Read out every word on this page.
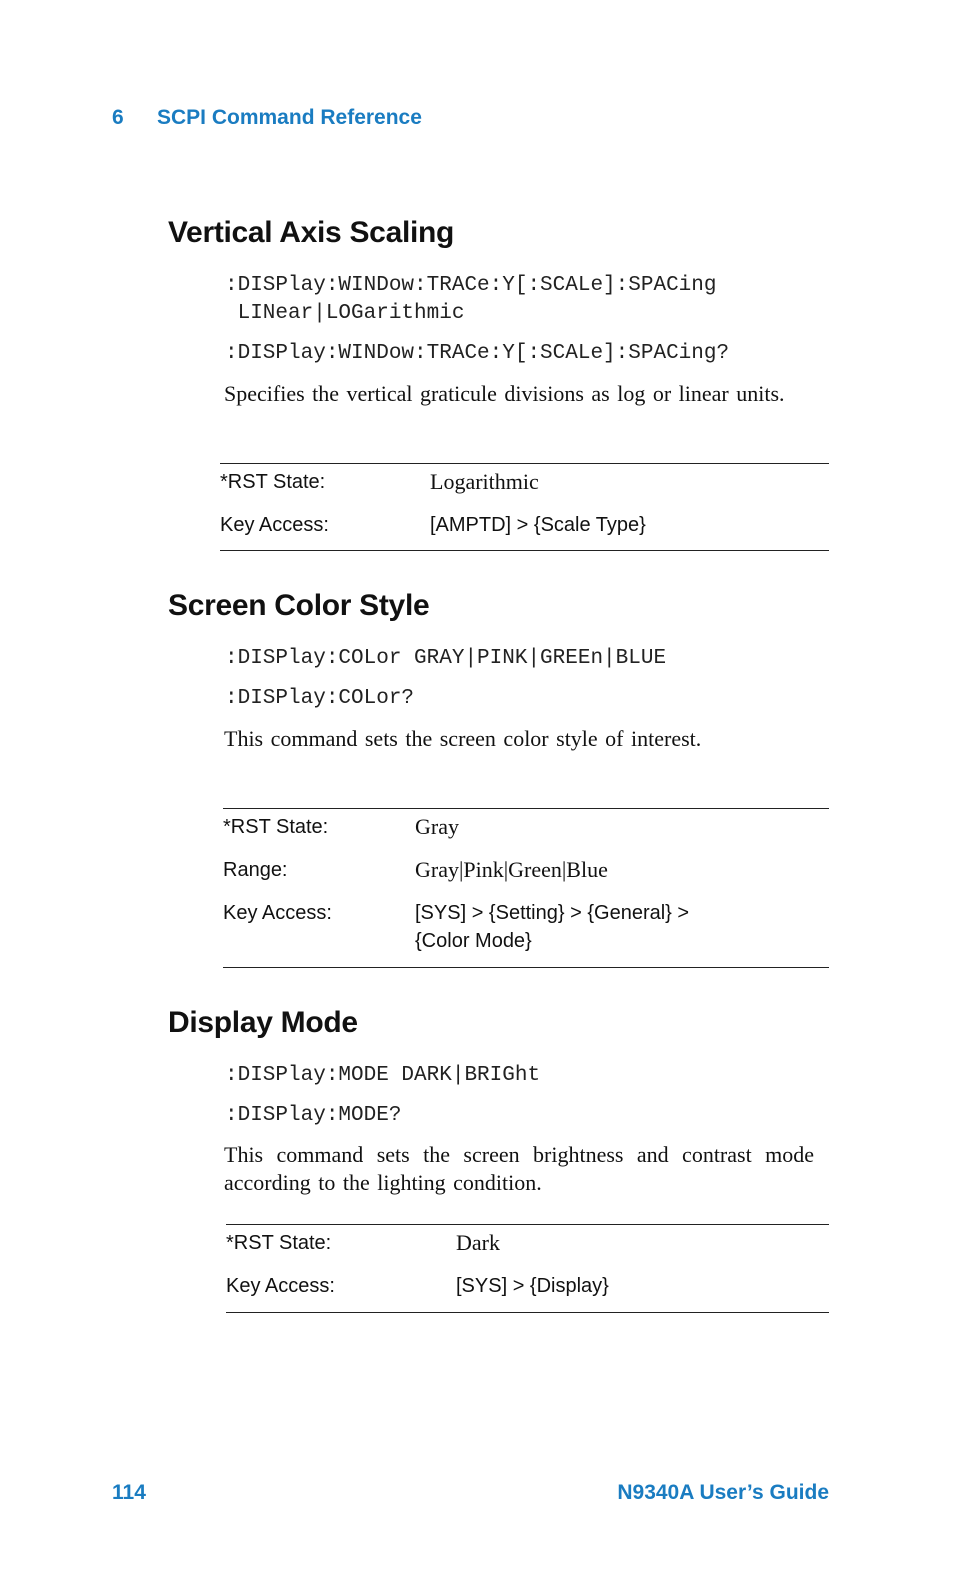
6 SCPI Command Reference
Vertical Axis Scaling
:DISPlay:WINDow:TRACe:Y[:SCALe]:SPACing
LINear|LOGarithmic
:DISPlay:WINDow:TRACe:Y[:SCALe]:SPACing?
Specifies the vertical graticule divisions as log or linear units.
*RST State:	Logarithmic
Key Access:	[AMPTD] > {Scale Type}
Screen Color Style
:DISPlay:COLor GRAY|PINK|GREEn|BLUE
:DISPlay:COLor?
This command sets the screen color style of interest.
*RST State:	Gray
Range:	Gray|Pink|Green|Blue
Key Access:	[SYS] > {Setting} > {General} >
{Color Mode}
Display Mode
:DISPlay:MODE DARK|BRIGht
:DISPlay:MODE?
This command sets the screen brightness and contrast mode according to the lighting condition.
*RST State:	Dark
Key Access:	[SYS] > {Display}
114	N9340A User’s Guide
